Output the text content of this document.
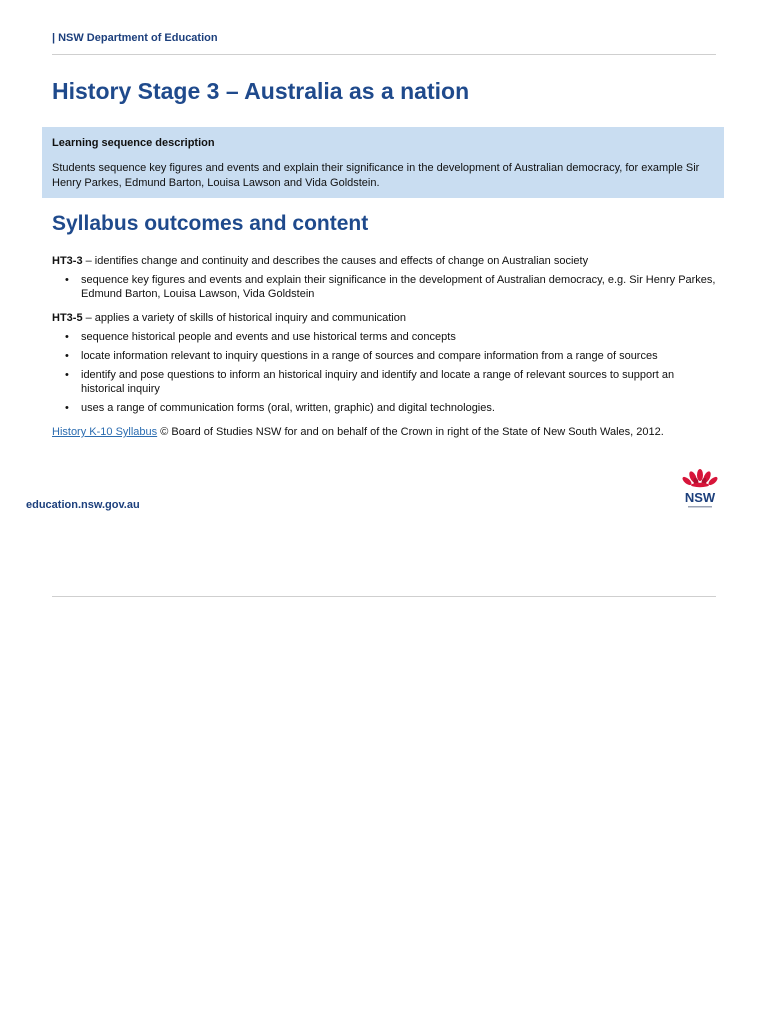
| NSW Department of Education
History Stage 3 – Australia as a nation

Learning sequence description

Students sequence key figures and events and explain their significance in the development of Australian democracy, for example Sir Henry Parkes, Edmund Barton, Louisa Lawson and Vida Goldstein.

Syllabus outcomes and content

HT3-3 – identifies change and continuity and describes the causes and effects of change on Australian society

• sequence key figures and events and explain their significance in the development of Australian democracy, e.g. Sir Henry Parkes, Edmund Barton, Louisa Lawson, Vida Goldstein

HT3-5 – applies a variety of skills of historical inquiry and communication

• sequence historical people and events and use historical terms and concepts
• locate information relevant to inquiry questions in a range of sources and compare information from a range of sources
• identify and pose questions to inform an historical inquiry and identify and locate a range of relevant sources to support an historical inquiry
• uses a range of communication forms (oral, written, graphic) and digital technologies.

History K-10 Syllabus © Board of Studies NSW for and on behalf of the Crown in right of the State of New South Wales, 2012.

education.nsw.gov.au	NSW
